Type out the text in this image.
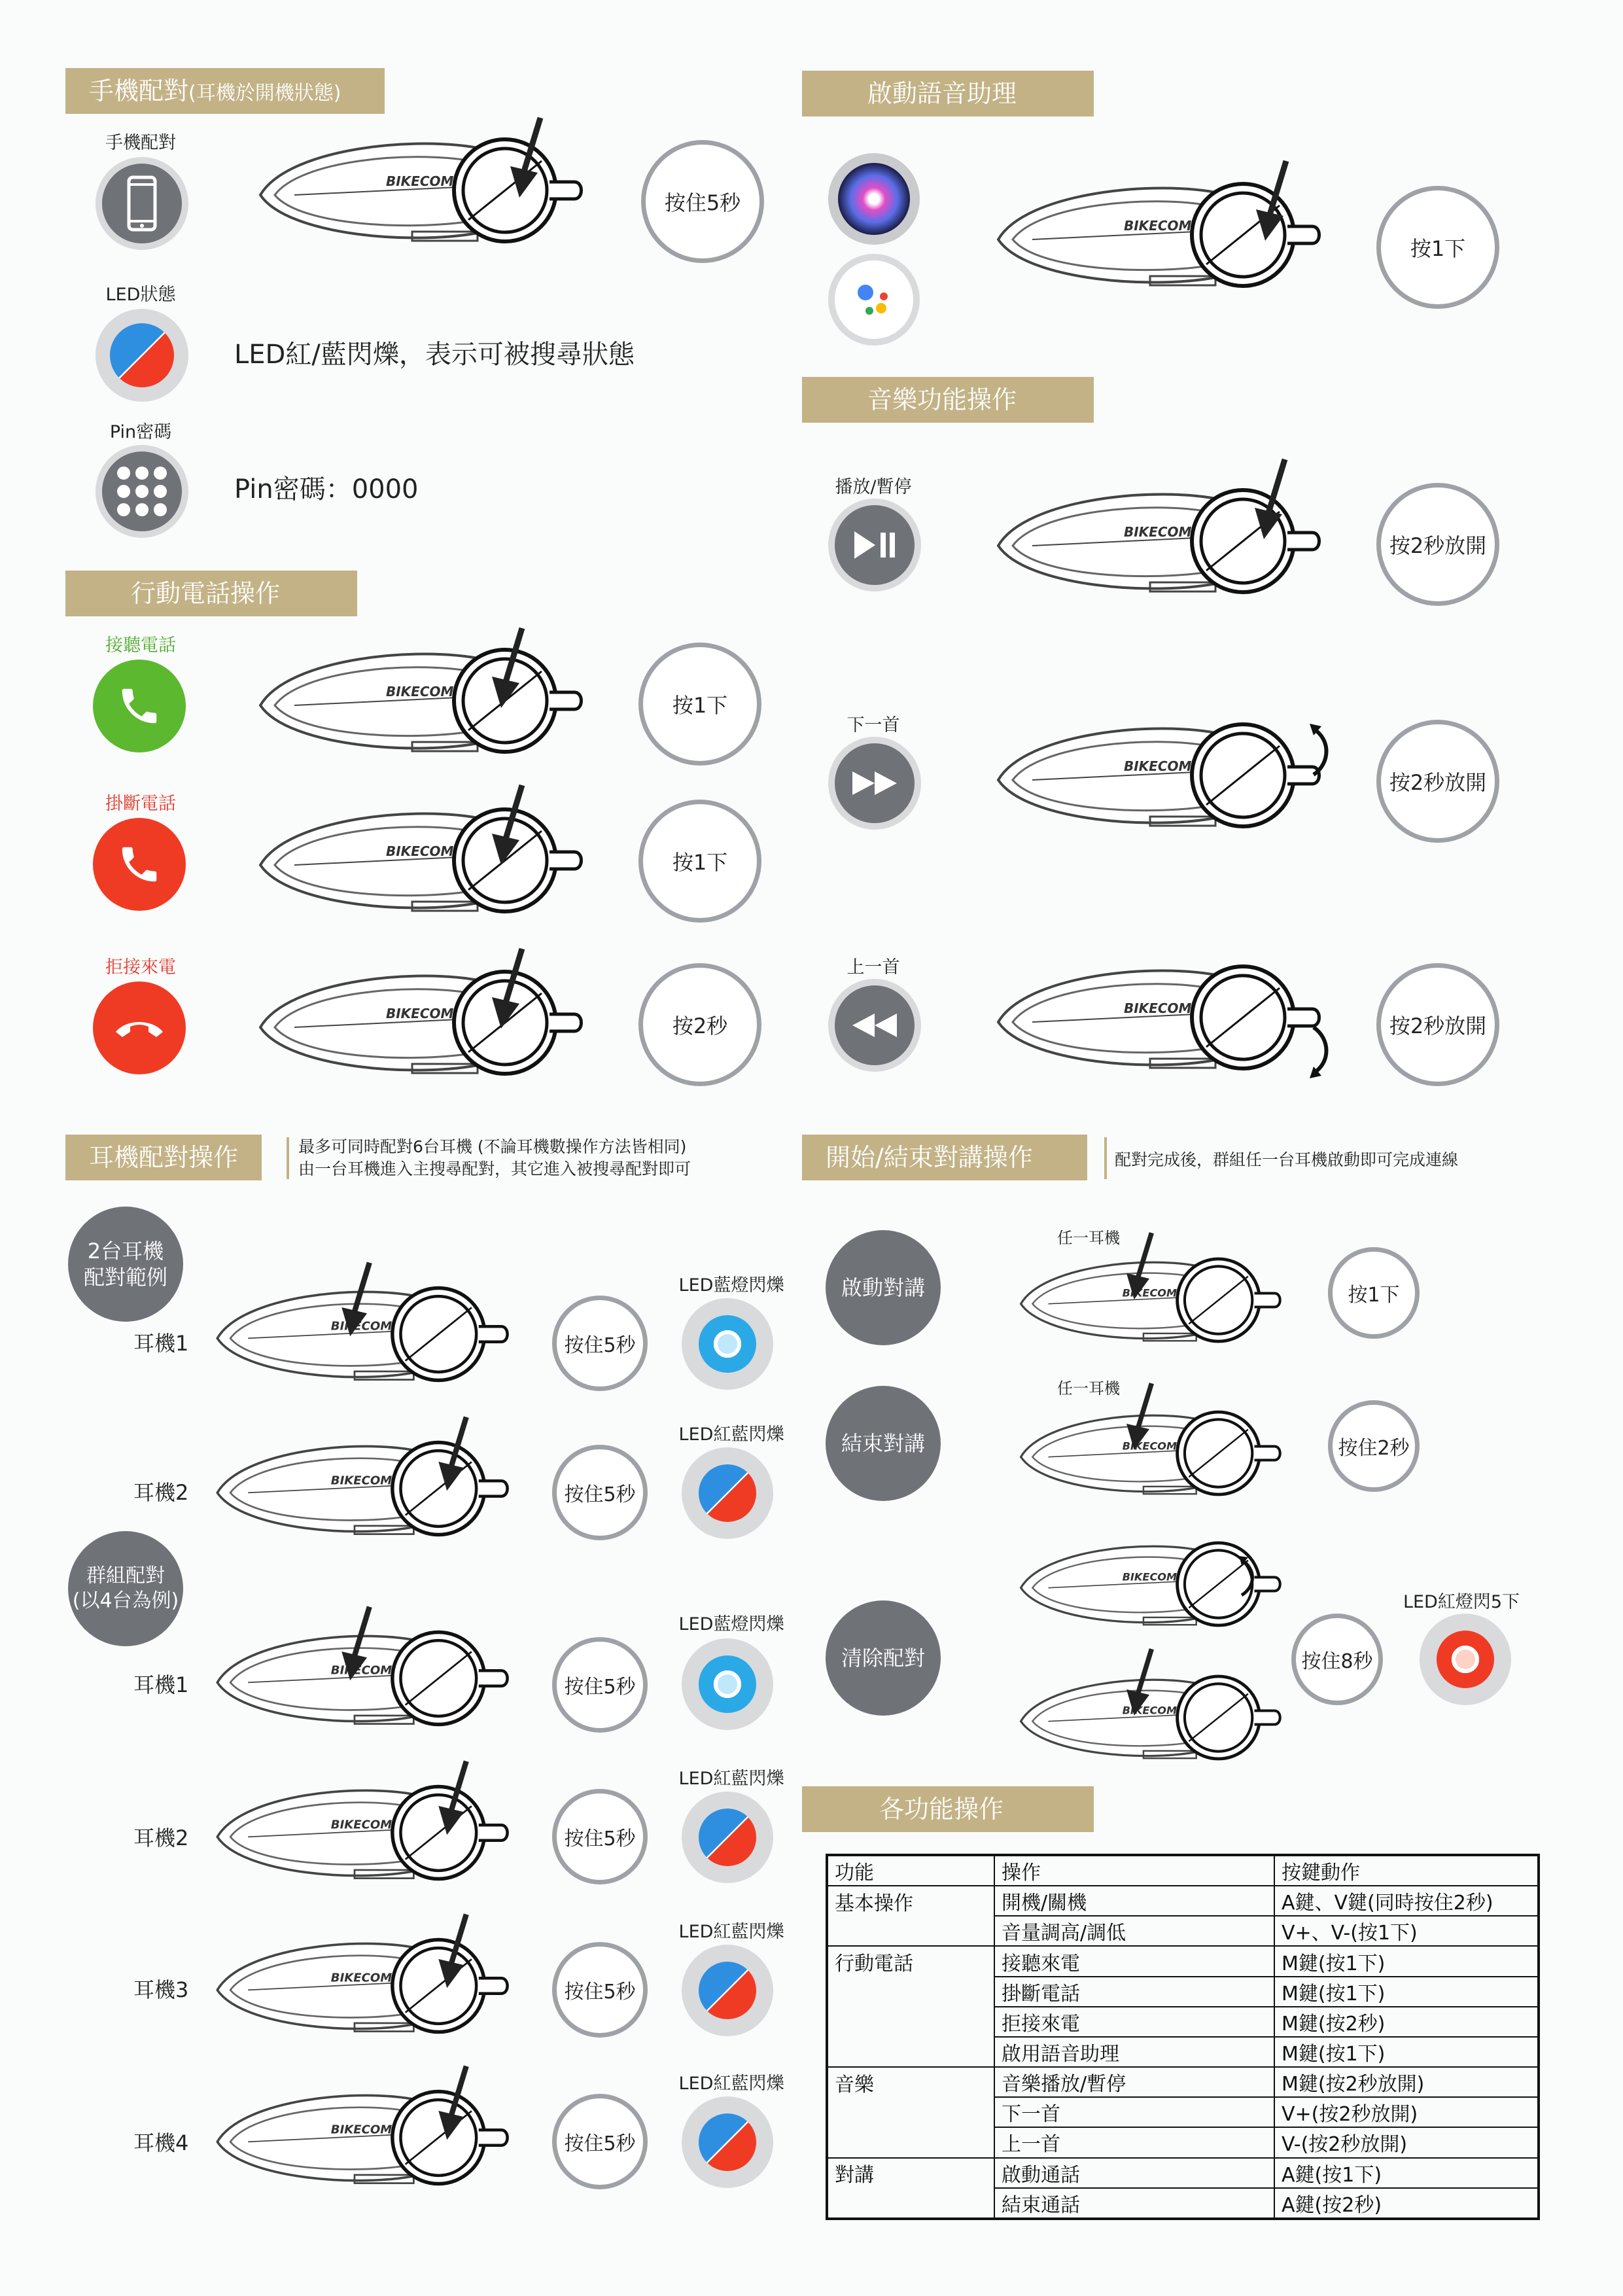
手機配對(耳機於開機狀態)
手機配對
按住5秒
LED狀態
LED紅/藍閃爍，表示可被搜尋狀態
Pin密碼
Pin密碼：0000
行動電話操作
接聽電話
按1下
掛斷電話
按1下
拒接來電
按2秒
啟動語音助理
按1下
音樂功能操作
播放/暫停
按2秒放開
下一首
按2秒放開
上一首
按2秒放開
耳機配對操作	最多可同時配對6台耳機 (不論耳機數操作方法皆相同)
由一台耳機進入主搜尋配對，其它進入被搜尋配對即可
2台耳機
配對範例
耳機1	按住5秒
LED藍燈閃爍
耳機2	按住5秒
LED紅藍閃爍
群組配對
(以4台為例)
耳機1	按住5秒
LED藍燈閃爍
耳機2	按住5秒
LED紅藍閃爍
耳機3	按住5秒
LED紅藍閃爍
耳機4	按住5秒
LED紅藍閃爍
開始/結束對講操作	配對完成後，群組任一台耳機啟動即可完成連線
啟動對講
任一耳機
按1下
結束對講
任一耳機
按住2秒
清除配對	按住8秒
LED紅燈閃5下
各功能操作
功能	操作	按鍵動作
基本操作	開機/關機	A鍵、V鍵(同時按住2秒)
	音量調高/調低	V+、V-(按1下)
行動電話	接聽來電	M鍵(按1下)
	掛斷電話	M鍵(按1下)
	拒接來電	M鍵(按2秒)
	啟用語音助理	M鍵(按1下)
音樂	音樂播放/暫停	M鍵(按2秒放開)
	下一首	V+(按2秒放開)
	上一首	V-(按2秒放開)
對講	啟動通話	A鍵(按1下)
	結束通話	A鍵(按2秒)
